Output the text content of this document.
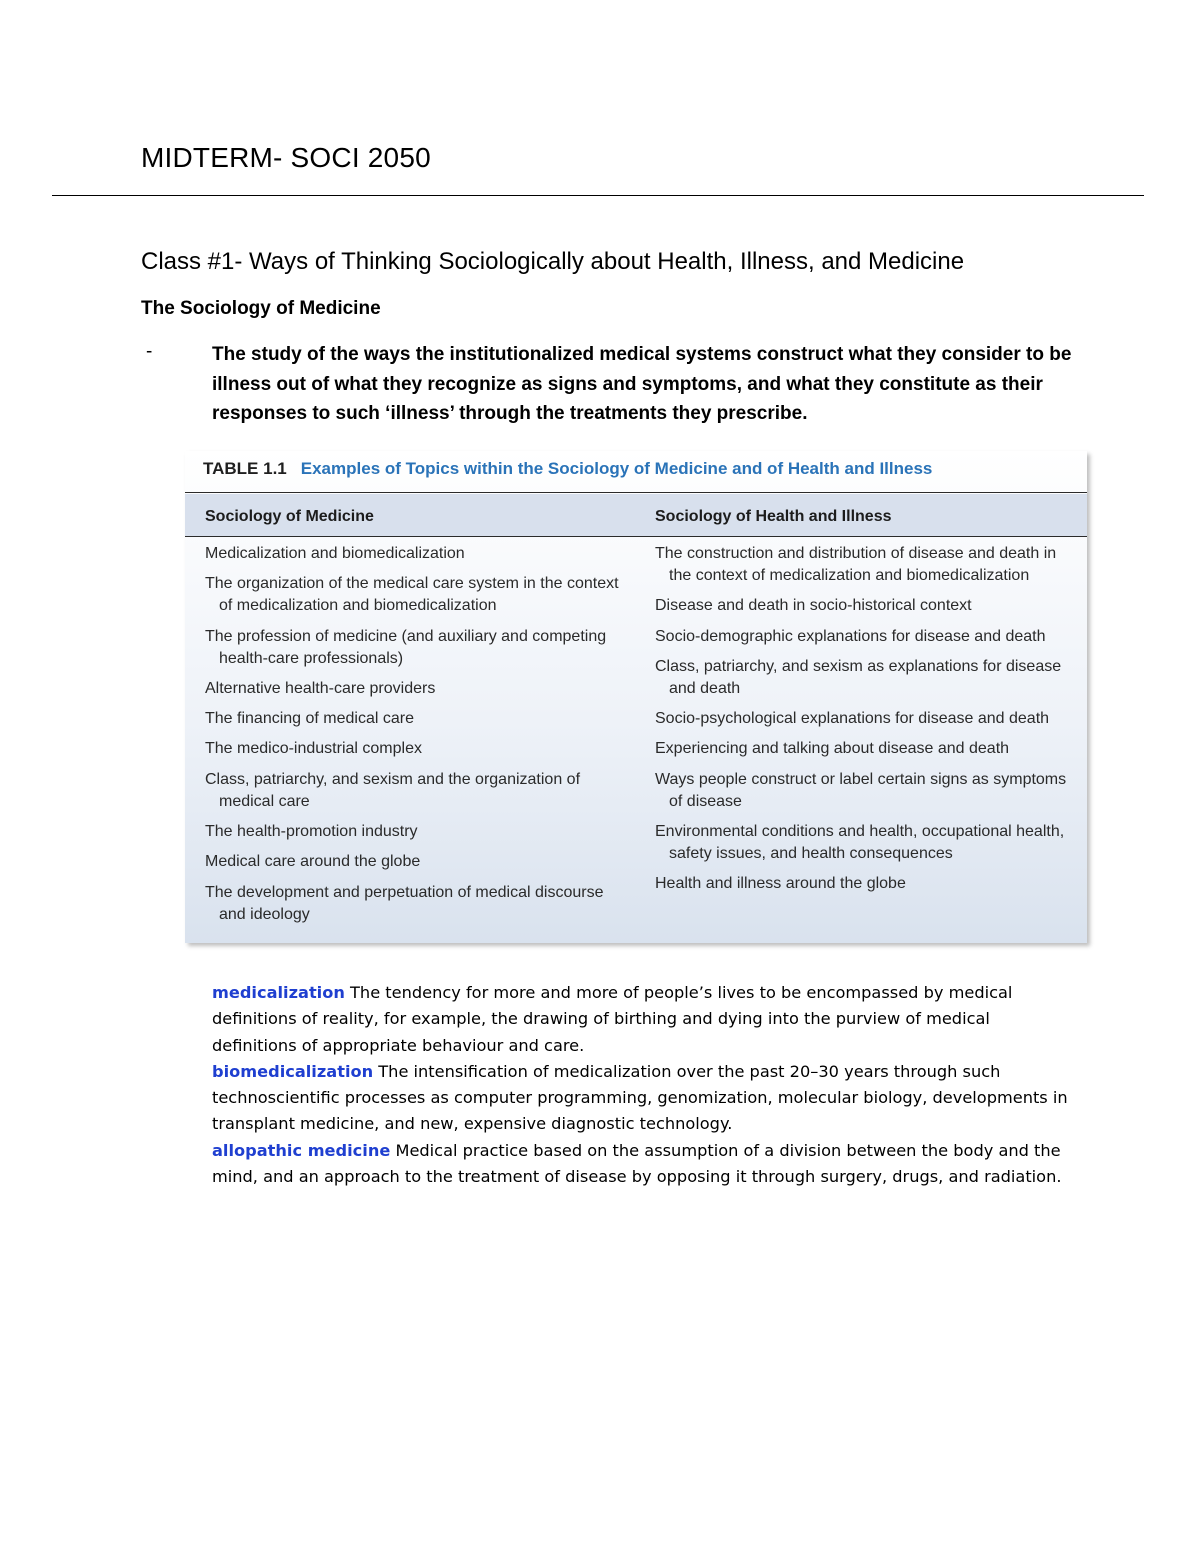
MIDTERM- SOCI 2050
Class #1- Ways of Thinking Sociologically about Health, Illness, and Medicine
The Sociology of Medicine
-	The study of the ways the institutionalized medical systems construct what they consider to be illness out of what they recognize as signs and symptoms, and what they constitute as their responses to such ‘illness’ through the treatments they prescribe.
TABLE 1.1 Examples of Topics within the Sociology of Medicine and of Health and Illness
Sociology of Medicine	Sociology of Health and Illness
Medicalization and biomedicalization
The organization of the medical care system in the context of medicalization and biomedicalization
The profession of medicine (and auxiliary and competing health-care professionals)
Alternative health-care providers
The financing of medical care
The medico-industrial complex
Class, patriarchy, and sexism and the organization of medical care
The health-promotion industry
Medical care around the globe
The development and perpetuation of medical discourse and ideology
The construction and distribution of disease and death in the context of medicalization and biomedicalization
Disease and death in socio-historical context
Socio-demographic explanations for disease and death
Class, patriarchy, and sexism as explanations for disease and death
Socio-psychological explanations for disease and death
Experiencing and talking about disease and death
Ways people construct or label certain signs as symptoms of disease
Environmental conditions and health, occupational health, safety issues, and health consequences
Health and illness around the globe

medicalization The tendency for more and more of people’s lives to be encompassed by medical definitions of reality, for example, the drawing of birthing and dying into the purview of medical definitions of appropriate behaviour and care.

biomedicalization The intensification of medicalization over the past 20–30 years through such technoscientific processes as computer programming, genomization, molecular biology, developments in transplant medicine, and new, expensive diagnostic technology.

allopathic medicine Medical practice based on the assumption of a division between the body and the mind, and an approach to the treatment of disease by opposing it through surgery, drugs, and radiation.
